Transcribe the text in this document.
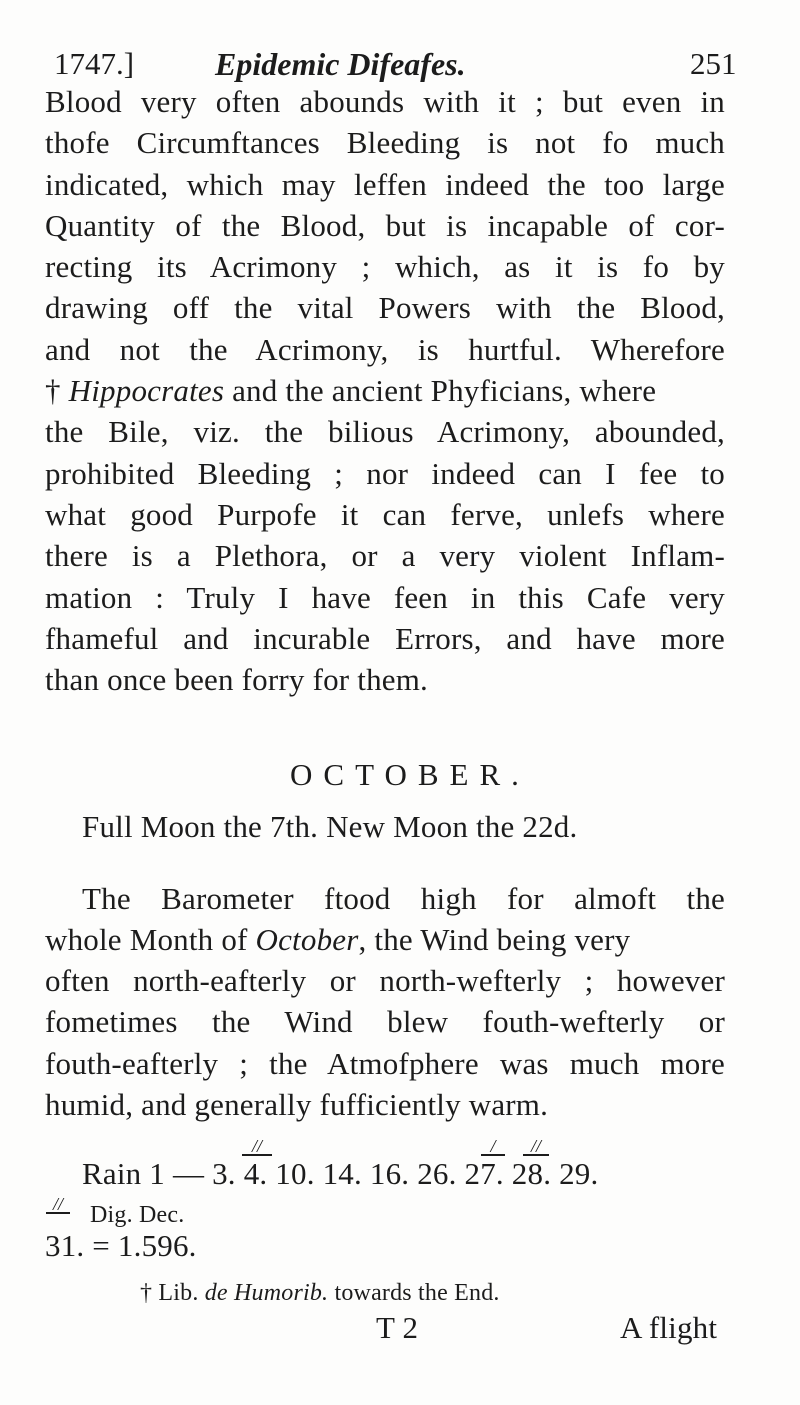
1747.]	Epidemic Difeafes.	251
Blood very often abounds with it ; but even in
thofe Circumftances Bleeding is not fo much
indicated, which may leffen indeed the too large
Quantity of the Blood, but is incapable of cor-
recting its Acrimony ; which, as it is fo by
drawing off the vital Powers with the Blood,
and not the Acrimony, is hurtful. Wherefore
† Hippocrates and the ancient Phyficians, where
the Bile, viz. the bilious Acrimony, abounded,
prohibited Bleeding ; nor indeed can I fee to
what good Purpofe it can ferve, unlefs where
there is a Plethora, or a very violent Inflam-
mation : Truly I have feen in this Cafe very
fhameful and incurable Errors, and have more
than once been forry for them.
OCTOBER.
Full Moon the 7th. New Moon the 22d.
The Barometer ftood high for almoft the
whole Month of October, the Wind being very
often north-eafterly or north-wefterly ; however
fometimes the Wind blew fouth-wefterly or
fouth-eafterly ; the Atmofphere was much more
humid, and generally fufficiently warm.
//	/	//
Rain 1 — 3. 4. 10. 14. 16. 26. 27. 28. 29.
// Dig. Dec.
31. = 1.596.
† Lib. de Humorib. towards the End.
T 2	A flight
